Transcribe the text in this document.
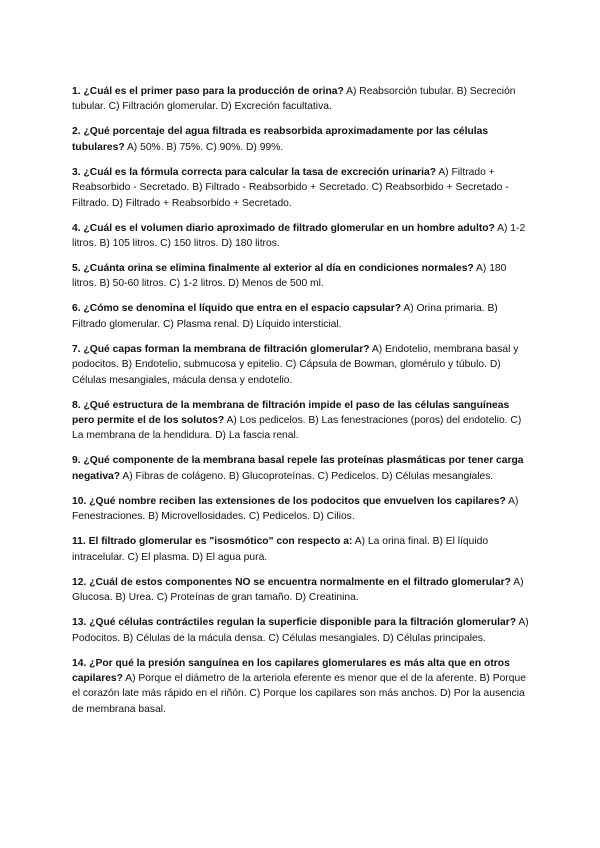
1. ¿Cuál es el primer paso para la producción de orina? A) Reabsorción tubular. B) Secreción tubular. C) Filtración glomerular. D) Excreción facultativa.

2. ¿Qué porcentaje del agua filtrada es reabsorbida aproximadamente por las células tubulares? A) 50%. B) 75%. C) 90%. D) 99%.

3. ¿Cuál es la fórmula correcta para calcular la tasa de excreción urinaria? A) Filtrado + Reabsorbido - Secretado. B) Filtrado - Reabsorbido + Secretado. C) Reabsorbido + Secretado - Filtrado. D) Filtrado + Reabsorbido + Secretado.

4. ¿Cuál es el volumen diario aproximado de filtrado glomerular en un hombre adulto? A) 1-2 litros. B) 105 litros. C) 150 litros. D) 180 litros.

5. ¿Cuánta orina se elimina finalmente al exterior al día en condiciones normales? A) 180 litros. B) 50-60 litros. C) 1-2 litros. D) Menos de 500 ml.

6. ¿Cómo se denomina el líquido que entra en el espacio capsular? A) Orina primaria. B) Filtrado glomerular. C) Plasma renal. D) Líquido intersticial.

7. ¿Qué capas forman la membrana de filtración glomerular? A) Endotelio, membrana basal y podocitos. B) Endotelio, submucosa y epitelio. C) Cápsula de Bowman, glomérulo y túbulo. D) Células mesangiales, mácula densa y endotelio.

8. ¿Qué estructura de la membrana de filtración impide el paso de las células sanguíneas pero permite el de los solutos? A) Los pedicelos. B) Las fenestraciones (poros) del endotelio. C) La membrana de la hendidura. D) La fascia renal.

9. ¿Qué componente de la membrana basal repele las proteínas plasmáticas por tener carga negativa? A) Fibras de colágeno. B) Glucoproteínas. C) Pedicelos. D) Células mesangiales.

10. ¿Qué nombre reciben las extensiones de los podocitos que envuelven los capilares? A) Fenestraciones. B) Microvellosidades. C) Pedicelos. D) Cilios.

11. El filtrado glomerular es "isosmótico" con respecto a: A) La orina final. B) El líquido intracelular. C) El plasma. D) El agua pura.

12. ¿Cuál de estos componentes NO se encuentra normalmente en el filtrado glomerular? A) Glucosa. B) Urea. C) Proteínas de gran tamaño. D) Creatinina.

13. ¿Qué células contráctiles regulan la superficie disponible para la filtración glomerular? A) Podocitos. B) Células de la mácula densa. C) Células mesangiales. D) Células principales.

14. ¿Por qué la presión sanguínea en los capilares glomerulares es más alta que en otros capilares? A) Porque el diámetro de la arteriola eferente es menor que el de la aferente. B) Porque el corazón late más rápido en el riñón. C) Porque los capilares son más anchos. D) Por la ausencia de membrana basal.
